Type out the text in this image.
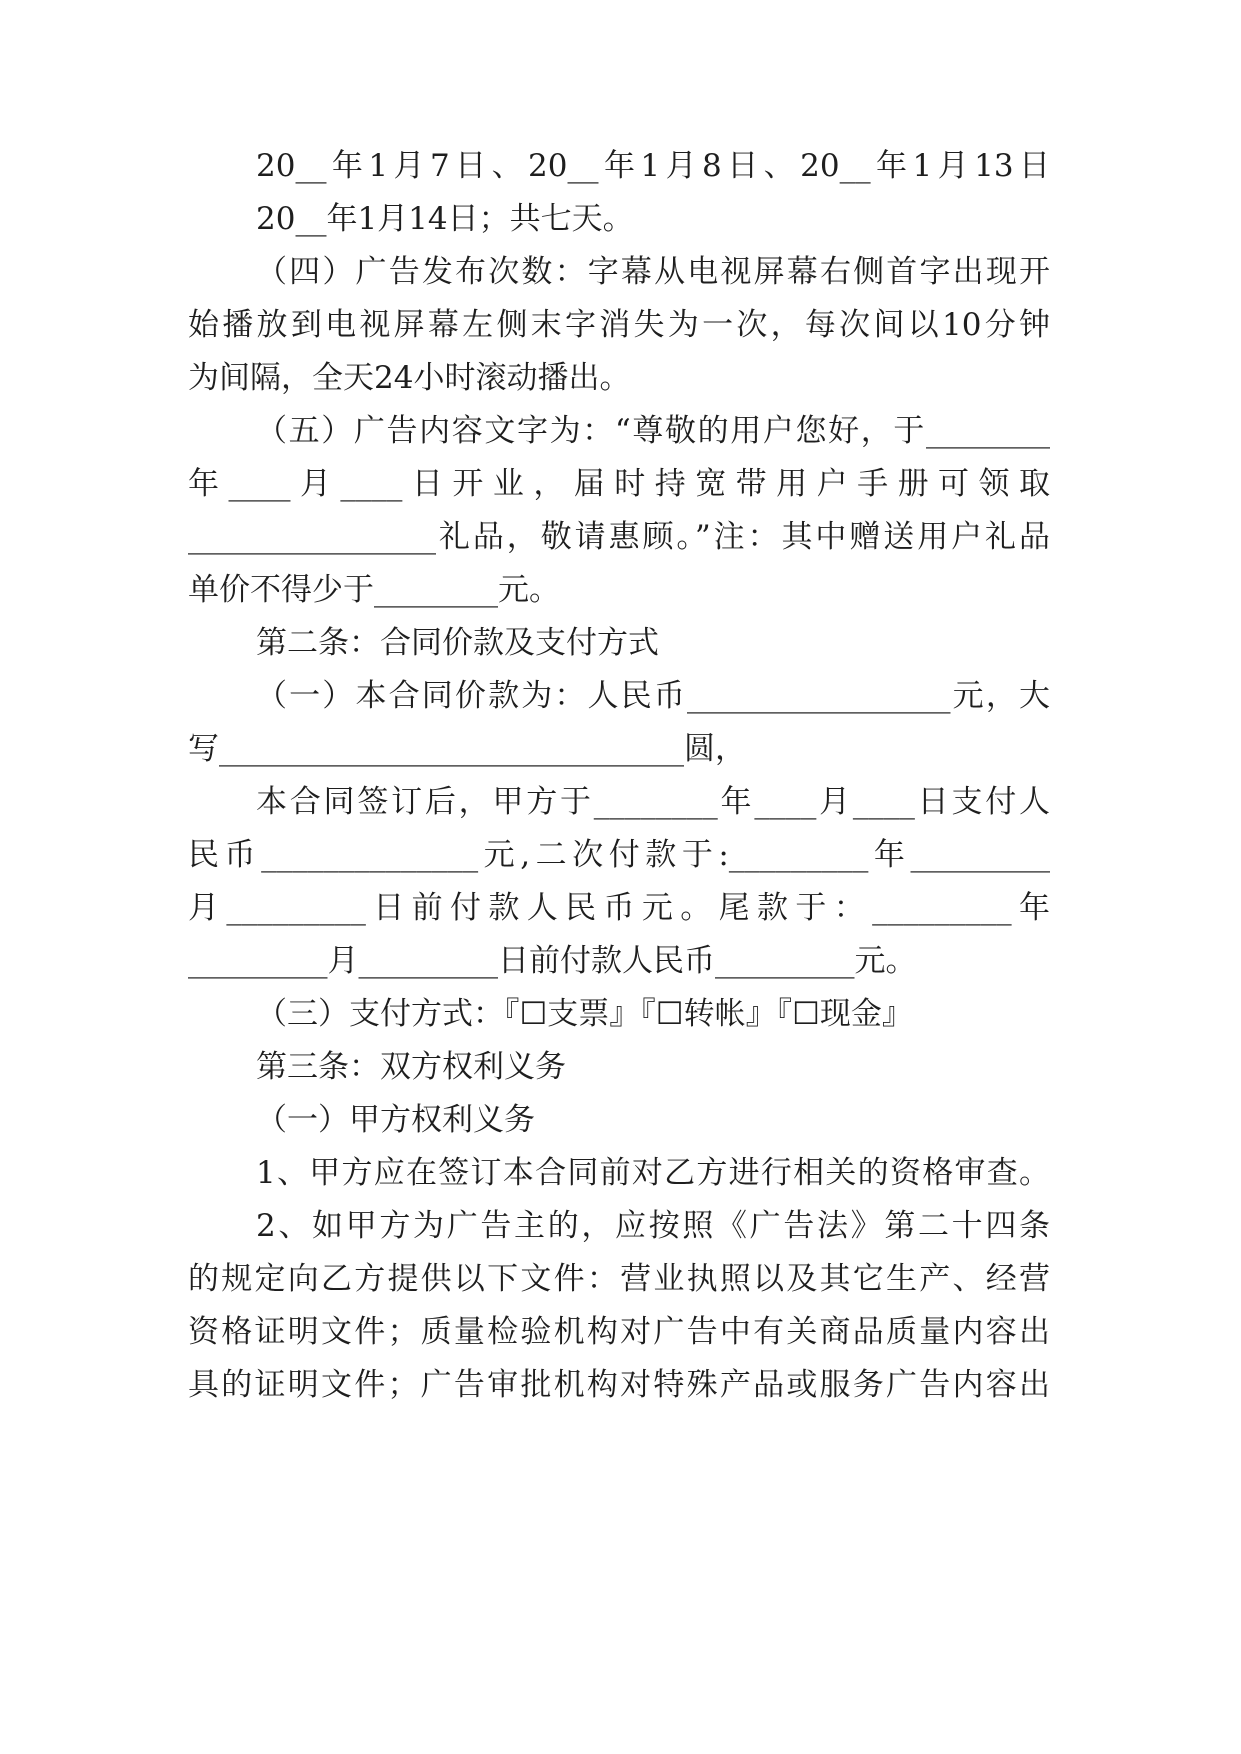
20__年1月7日、20__年1月8日、20__年1月13日
20__年1月14日；共七天。
（四）广告发布次数：字幕从电视屏幕右侧首字出现开
始播放到电视屏幕左侧末字消失为一次，每次间以10分钟
为间隔，全天24小时滚动播出。
（五）广告内容文字为：“尊敬的用户您好，于________
年____月____日开业，届时持宽带用户手册可领取
________________礼品，敬请惠顾。”注：其中赠送用户礼品
单价不得少于________元。
第二条：合同价款及支付方式
（一）本合同价款为：人民币_________________元，大
写______________________________圆，
本合同签订后，甲方于________年____月____日支付人
民币______________元,二次付款于:_________年_________
月_________日前付款人民币元。尾款于：_________年
_________月_________日前付款人民币_________元。
（三）支付方式：『☐支票』『☐转帐』『☐现金』
第三条：双方权利义务
（一）甲方权利义务
1、甲方应在签订本合同前对乙方进行相关的资格审查。
2、如甲方为广告主的，应按照《广告法》第二十四条
的规定向乙方提供以下文件：营业执照以及其它生产、经营
资格证明文件；质量检验机构对广告中有关商品质量内容出
具的证明文件；广告审批机构对特殊产品或服务广告内容出
